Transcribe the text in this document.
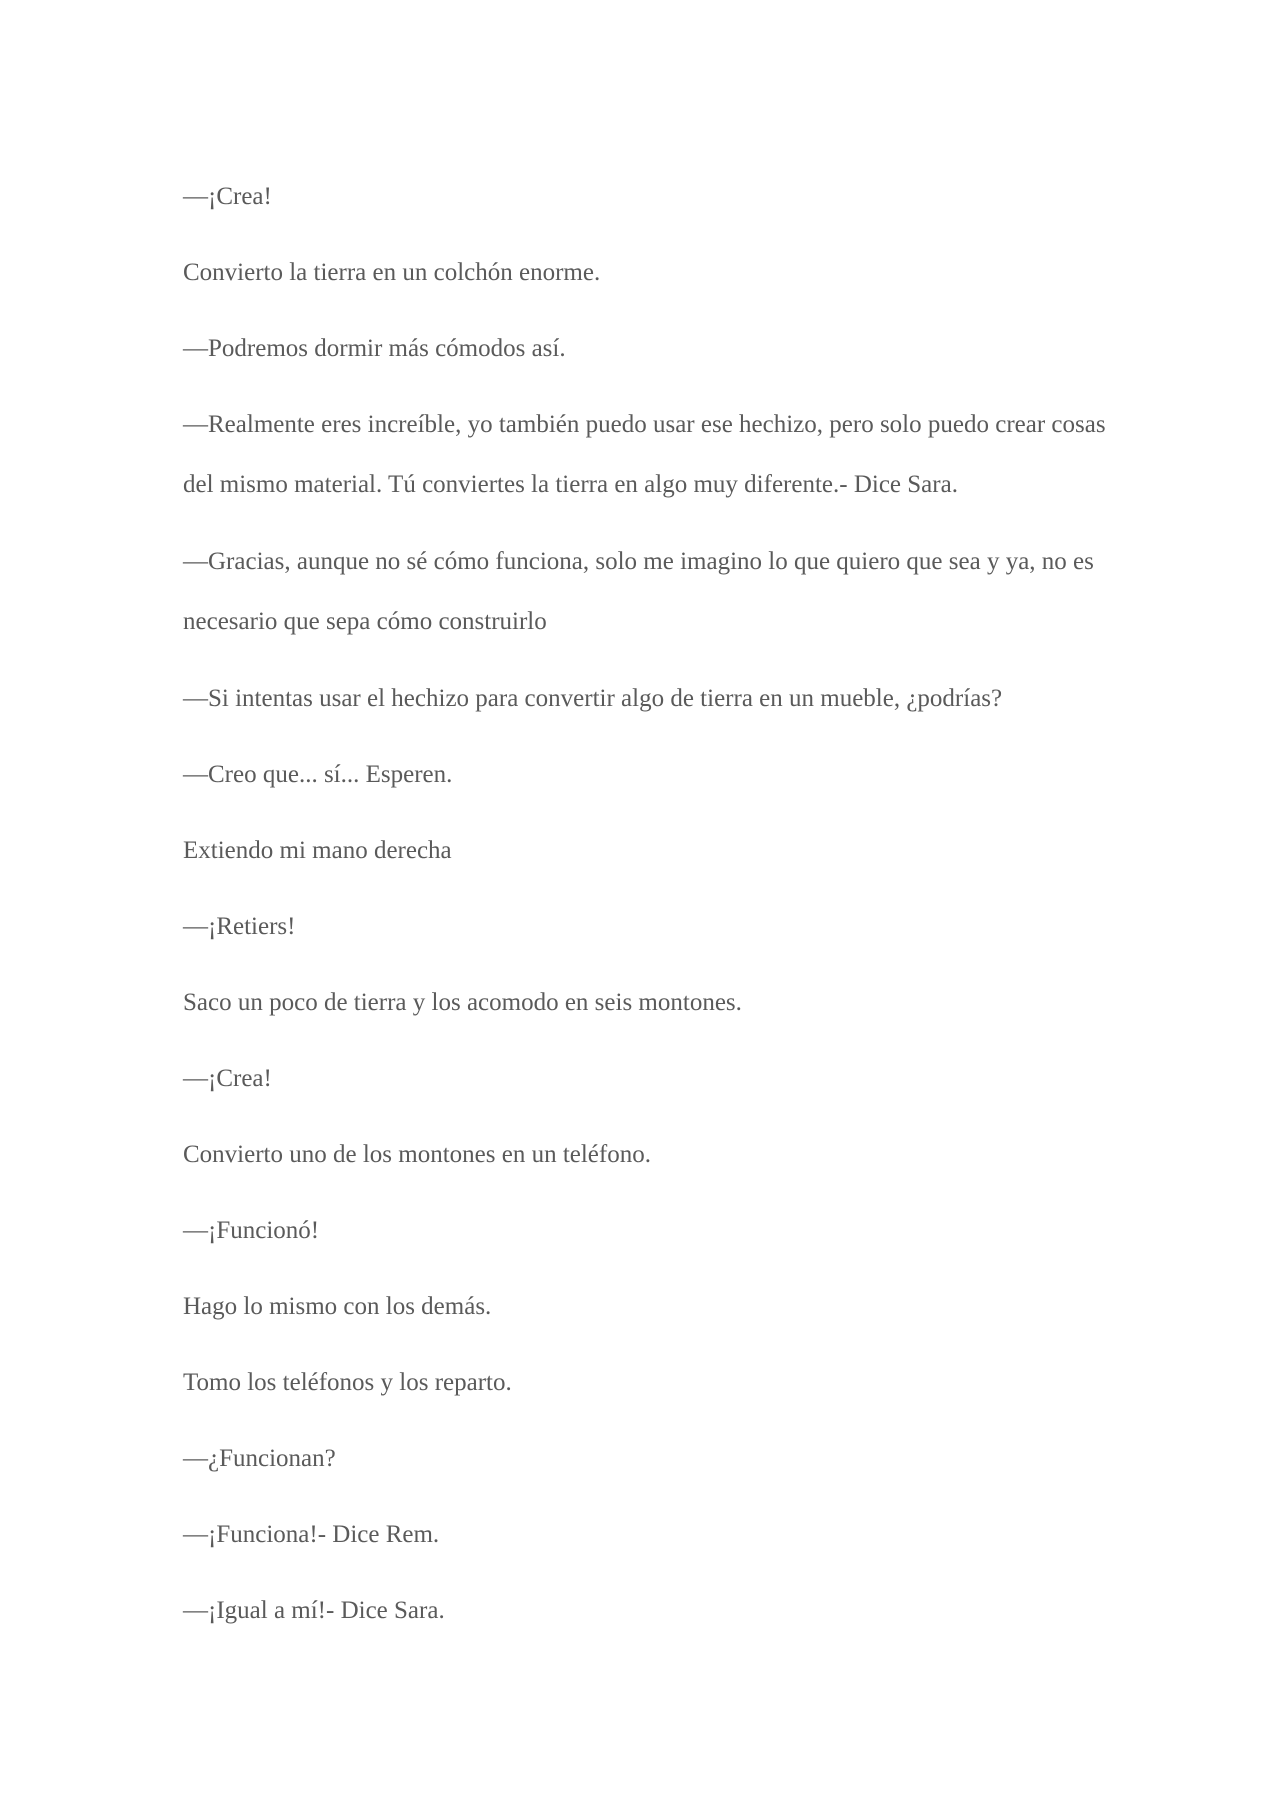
—¡Crea!

Convierto la tierra en un colchón enorme.

—Podremos dormir más cómodos así.

—Realmente eres increíble, yo también puedo usar ese hechizo, pero solo puedo crear cosas del mismo material. Tú conviertes la tierra en algo muy diferente.- Dice Sara.

—Gracias, aunque no sé cómo funciona, solo me imagino lo que quiero que sea y ya, no es necesario que sepa cómo construirlo

—Si intentas usar el hechizo para convertir algo de tierra en un mueble, ¿podrías?

—Creo que... sí... Esperen.

Extiendo mi mano derecha

—¡Retiers!

Saco un poco de tierra y los acomodo en seis montones.

—¡Crea!

Convierto uno de los montones en un teléfono.

—¡Funcionó!

Hago lo mismo con los demás.

Tomo los teléfonos y los reparto.

—¿Funcionan?

—¡Funciona!- Dice Rem.

—¡Igual a mí!- Dice Sara.
